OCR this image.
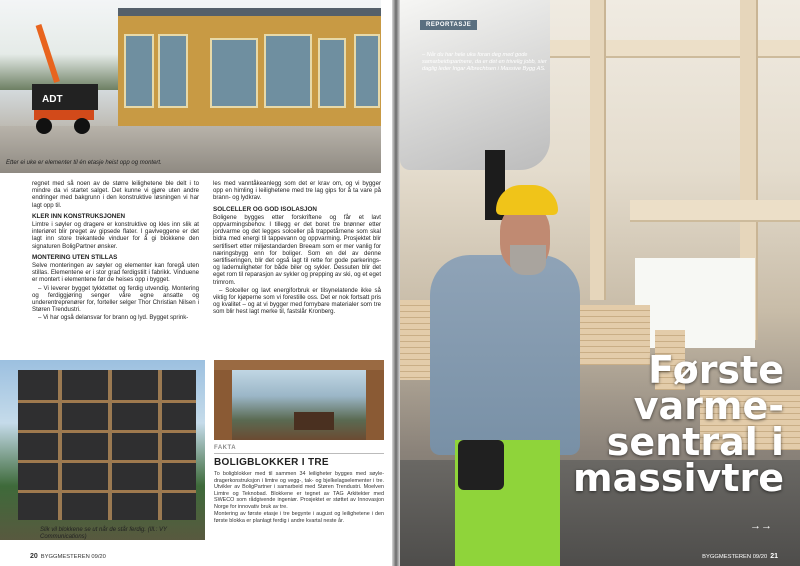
ADT
Etter ei uke er elementer til én etasje heist opp og montert.

regnet med så noen av de større leilighetene ble delt i to mindre da vi startet salget. Det kunne vi gjøre uten andre endringer med bakgrunn i den konstruktive løsningen vi har lagt opp til.

KLER INN KONSTRUKSJONEN

Limtre i søyler og dragere er konstruktive og kles inn slik at interiøret blir preget av gipsede flater. I gavlveggene er det lagt inn store trekantede vinduer for å gi blokkene den signaturen BoligPartner ønsker.

MONTERING UTEN STILLAS

Selve monteringen av søyler og elementer kan foregå uten stillas. Elementene er i stor grad ferdigstilt i fabrikk. Vinduene er montert i elementene før de heises opp i bygget.

– Vi leverer bygget tykktettet og ferdig utvendig. Montering og ferdiggjøring senger våre egne ansatte og underentreprenører for, forteller selger Thor Christian Nilsen i Støren Trendustri.

– Vi har også delansvar for brann og lyd. Bygget sprink-

les med vanntåkeanlegg som det er krav om, og vi bygger opp en himling i leilighetene med tre lag gips for å ta vare på brann- og lydkrav.

SOLCELLER OG GOD ISOLASJON

Boligene bygges etter forskriftene og får et lavt oppvarmingsbehov. I tillegg er det boret tre brønner etter jordvarme og det legges solceller på trappetårnene som skal bidra med energi til tappevann og oppvarming. Prosjektet blir sertifisert etter miljøstandarden Breeam som er mer vanlig for næringsbygg enn for boliger. Som en del av denne sertifiseringen, blir det også lagt til rette for gode parkerings- og lademuligheter for både biler og sykler. Dessuten blir det eget rom til reparasjon av sykler og prepping av ski, og et eget trimrom.

– Solceller og lavt energiforbruk er tilsynelatende ikke så viktig for kjøperne som vi forestille oss. Det er nok fortsatt pris og kvalitet – og at vi bygger med fornybare materialer som tre som blir hest lagt merke til, fastslår Kronberg.

Slik vil blokkene se ut når de står ferdig. (Ill.: VY Communications)
FAKTA
BOLIGBLOKKER I TRE
To boligblokker med til sammen 34 leiligheter bygges med søyle-dragerkonstruksjon i limtre og vegg-, tak- og bjelkelagselementer i tre. Utvikler av BoligPartner i samarbeid med Støren Trendustri. Moelven Limtre og Teknobad. Blokkene er tegnet av TAG Arkitekter med SWECO som rådgivende ingeniør. Prosjektet er støttet av Innovasjon Norge for innovativ bruk av tre.
Montering av første etasje i tre begynte i august og leilighetene i den første blokka er planlagt ferdig i andre kvartal neste år.
20 BYGGMESTEREN 09/20
REPORTASJE
– Når du har hele uka foran deg med gode samarbeidspartnere, da er det en trivelig jobb, sier daglig leder Ingar Albrechtsen i Massive Bygg AS.
Første
varme-
sentral i
massivtre
→→
BYGGMESTEREN 09/20 21
